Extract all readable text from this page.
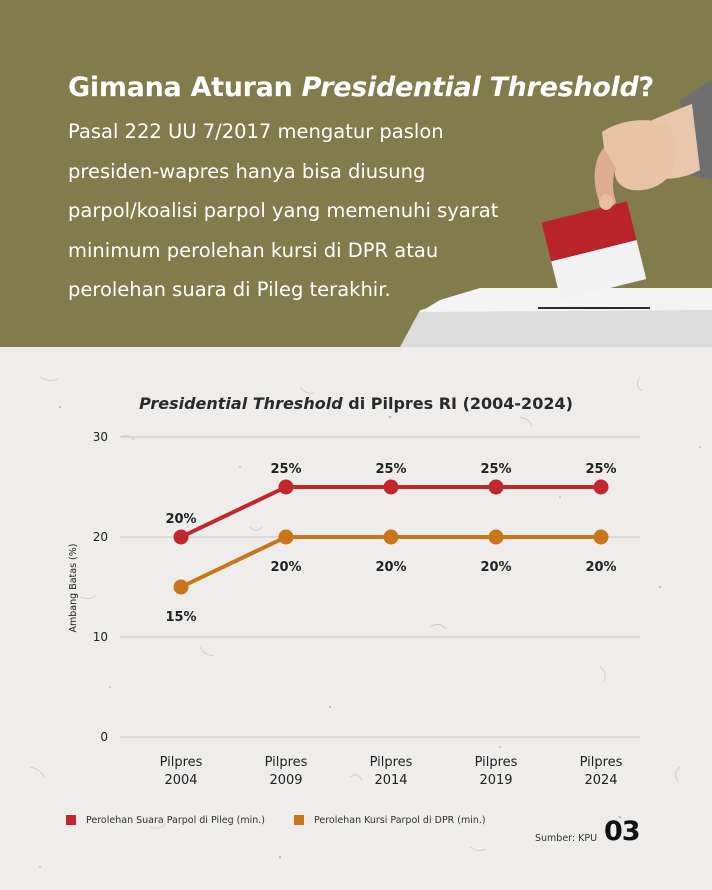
Gimana Aturan Presidential Threshold?

Pasal 222 UU 7/2017 mengatur paslon
presiden-wapres hanya bisa diusung
parpol/koalisi parpol yang memenuhi syarat
minimum perolehan kursi di DPR atau
perolehan suara di Pileg terakhir.

Presidential Threshold di Pilpres RI (2004-2024)
0
10
20
30
Ambang Batas (%)
20%
25%	25%	25%	25%
15%
20%	20%	20%	20%
Pilpres
2004
Pilpres
2009
Pilpres
2014
Pilpres
2019
Pilpres
2024
Perolehan Suara Parpol di Pileg (min.)	Perolehan Kursi Parpol di DPR (min.)
Sumber: KPU 03
